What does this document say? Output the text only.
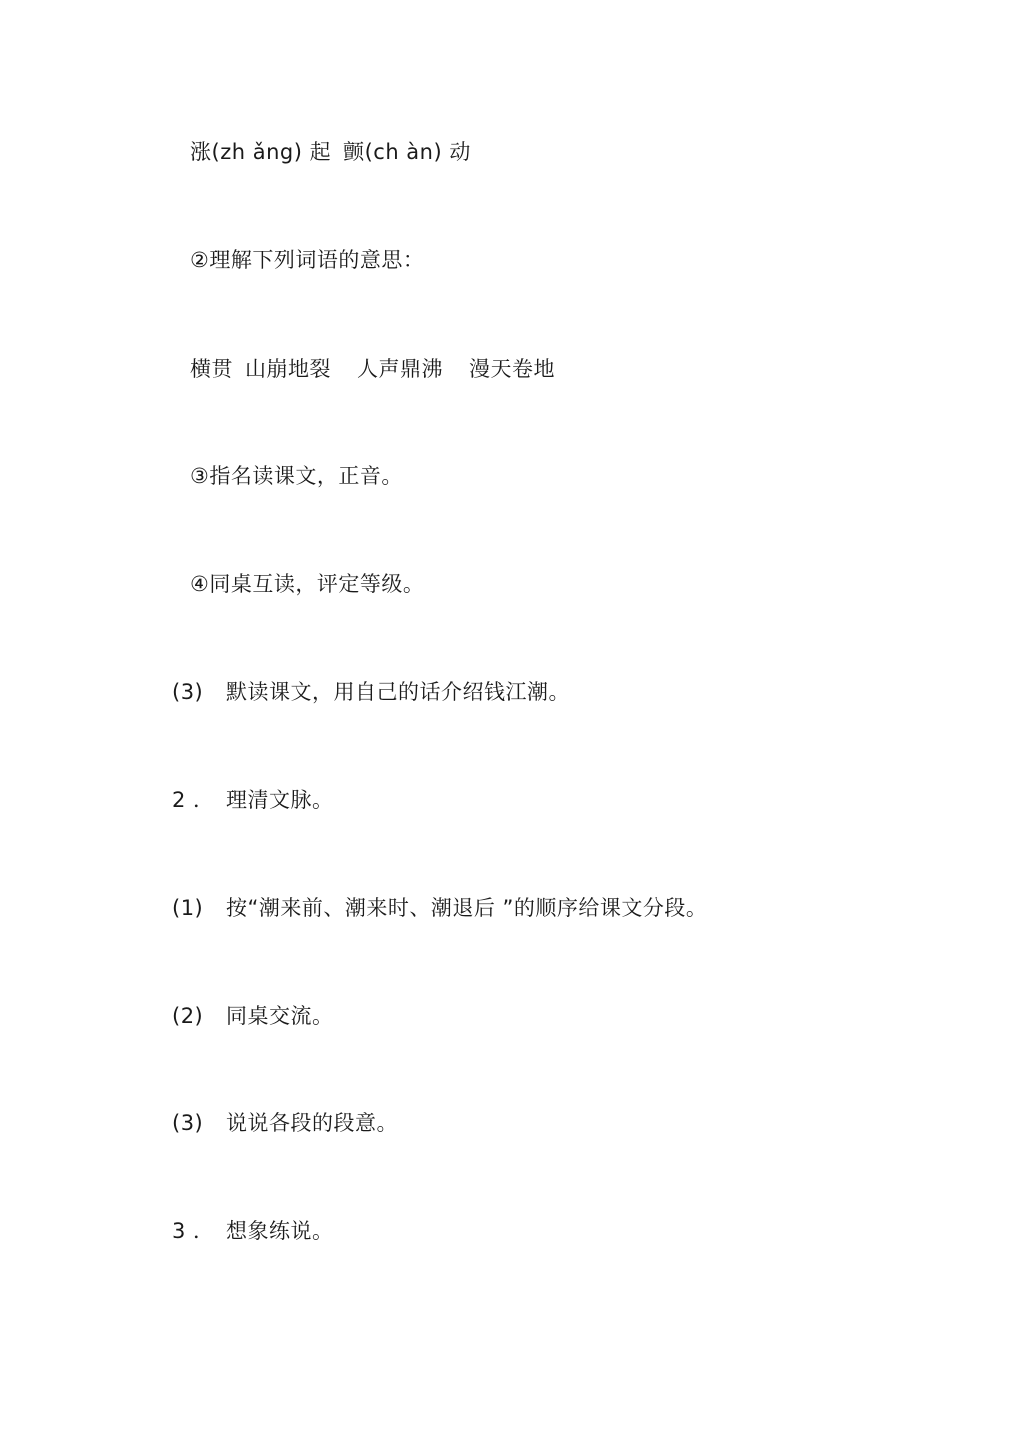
涨(zh ǎng) 起 颤(ch àn) 动
②理解下列词语的意思：
横贯 山崩地裂 人声鼎沸 漫天卷地
③指名读课文，正音。
④同桌互读，评定等级。
(3) 默读课文，用自己的话介绍钱江潮。
2 ． 理清文脉。
(1) 按“潮来前、潮来时、潮退后 ”的顺序给课文分段。
(2) 同桌交流。
(3) 说说各段的段意。
3 ． 想象练说。
